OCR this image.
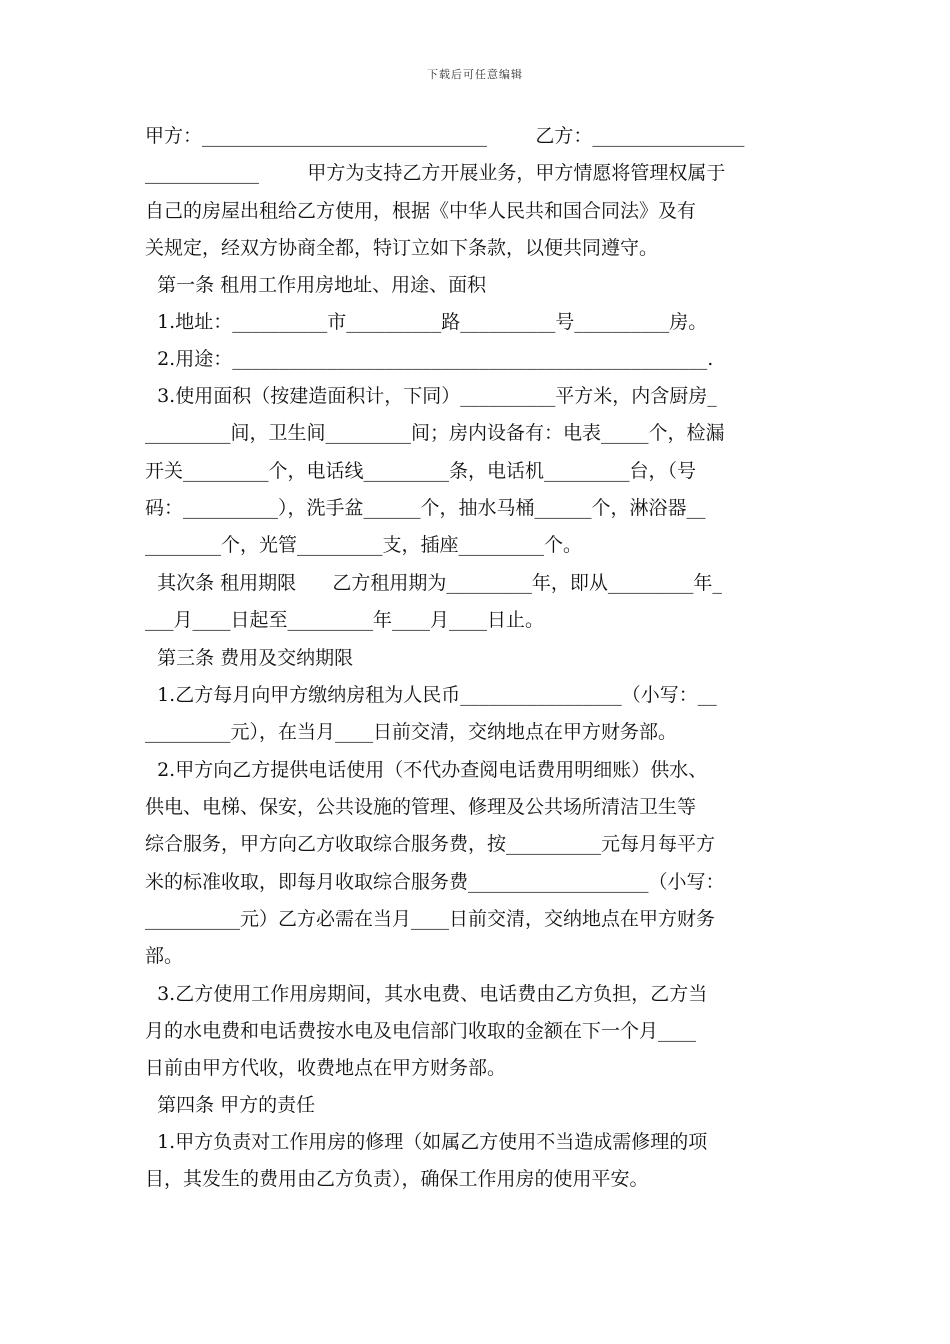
下载后可任意编辑
甲方：______________________________        乙方：________________
____________        甲方为支持乙方开展业务，甲方情愿将管理权属于
自己的房屋出租给乙方使用，根据《中华人民共和国合同法》及有
关规定，经双方协商全都，特订立如下条款，以便共同遵守。
第一条 租用工作用房地址、用途、面积
1.地址：__________市__________路__________号__________房。
2.用途：__________________________________________________.
3.使用面积（按建造面积计，下同）__________平方米，内含厨房_
_________间，卫生间_________间；房内设备有：电表_____个，检漏
开关_________个，电话线_________条，电话机_________台，（号
码：__________），洗手盆______个，抽水马桶______个，淋浴器__
________个，光管_________支，插座_________个。
其次条 租用期限      乙方租用期为_________年，即从_________年_
___月____日起至_________年____月____日止。
第三条 费用及交纳期限
1.乙方每月向甲方缴纳房租为人民币_________________（小写：__
_________元），在当月____日前交清，交纳地点在甲方财务部。
2.甲方向乙方提供电话使用（不代办查阅电话费用明细账）供水、
供电、电梯、保安，公共设施的管理、修理及公共场所清洁卫生等
综合服务，甲方向乙方收取综合服务费，按__________元每月每平方
米的标准收取，即每月收取综合服务费___________________（小写：
__________元）乙方必需在当月____日前交清，交纳地点在甲方财务
部。
3.乙方使用工作用房期间，其水电费、电话费由乙方负担，乙方当
月的水电费和电话费按水电及电信部门收取的金额在下一个月____
日前由甲方代收，收费地点在甲方财务部。
第四条 甲方的责任
1.甲方负责对工作用房的修理（如属乙方使用不当造成需修理的项
目，其发生的费用由乙方负责），确保工作用房的使用平安。
